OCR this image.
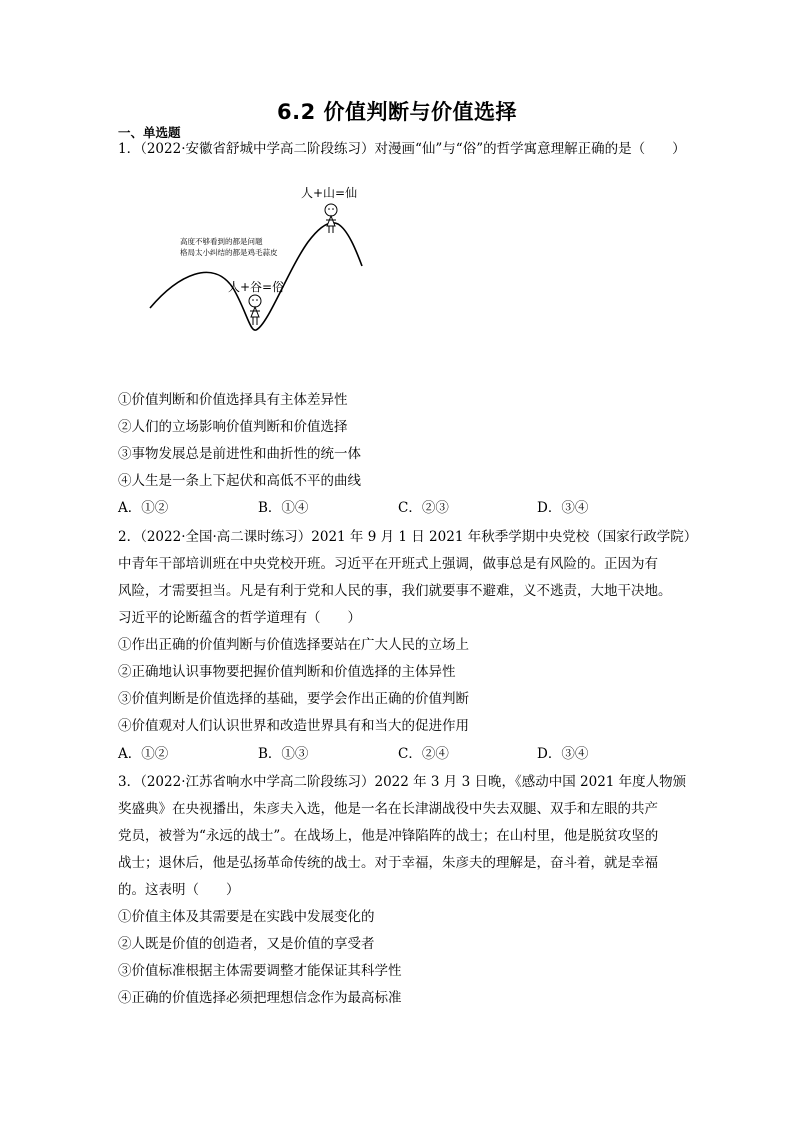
6.2 价值判断与价值选择
一、单选题
1．（2022·安徽省舒城中学高二阶段练习）对漫画“仙”与“俗”的哲学寓意理解正确的是（　　）
人+山=仙
人+谷=俗
高度不够看到的都是问题
格局太小纠结的都是鸡毛蒜皮
①价值判断和价值选择具有主体差异性
②人们的立场影响价值判断和价值选择
③事物发展总是前进性和曲折性的统一体
④人生是一条上下起伏和高低不平的曲线
A．①②	B．①④	C．②③	D．③④
2．（2022·全国·高二课时练习）2021 年 9 月 1 日 2021 年秋季学期中央党校（国家行政学院）
中青年干部培训班在中央党校开班。习近平在开班式上强调，做事总是有风险的。正因为有
风险，才需要担当。凡是有利于党和人民的事，我们就要事不避难，义不逃责，大地干决地。
习近平的论断蕴含的哲学道理有（　　）
①作出正确的价值判断与价值选择要站在广大人民的立场上
②正确地认识事物要把握价值判断和价值选择的主体异性
③价值判断是价值选择的基础，要学会作出正确的价值判断
④价值观对人们认识世界和改造世界具有和当大的促进作用
A．①②	B．①③	C．②④	D．③④
3．（2022·江苏省响水中学高二阶段练习）2022 年 3 月 3 日晚，《感动中国 2021 年度人物颁
奖盛典》在央视播出，朱彦夫入选，他是一名在长津湖战役中失去双腿、双手和左眼的共产
党员，被誉为“永远的战士”。在战场上，他是冲锋陷阵的战士；在山村里，他是脱贫攻坚的
战士；退休后，他是弘扬革命传统的战士。对于幸福，朱彦夫的理解是，奋斗着，就是幸福
的。这表明（　　）
①价值主体及其需要是在实践中发展变化的
②人既是价值的创造者，又是价值的享受者
③价值标准根据主体需要调整才能保证其科学性
④正确的价值选择必须把理想信念作为最高标准
